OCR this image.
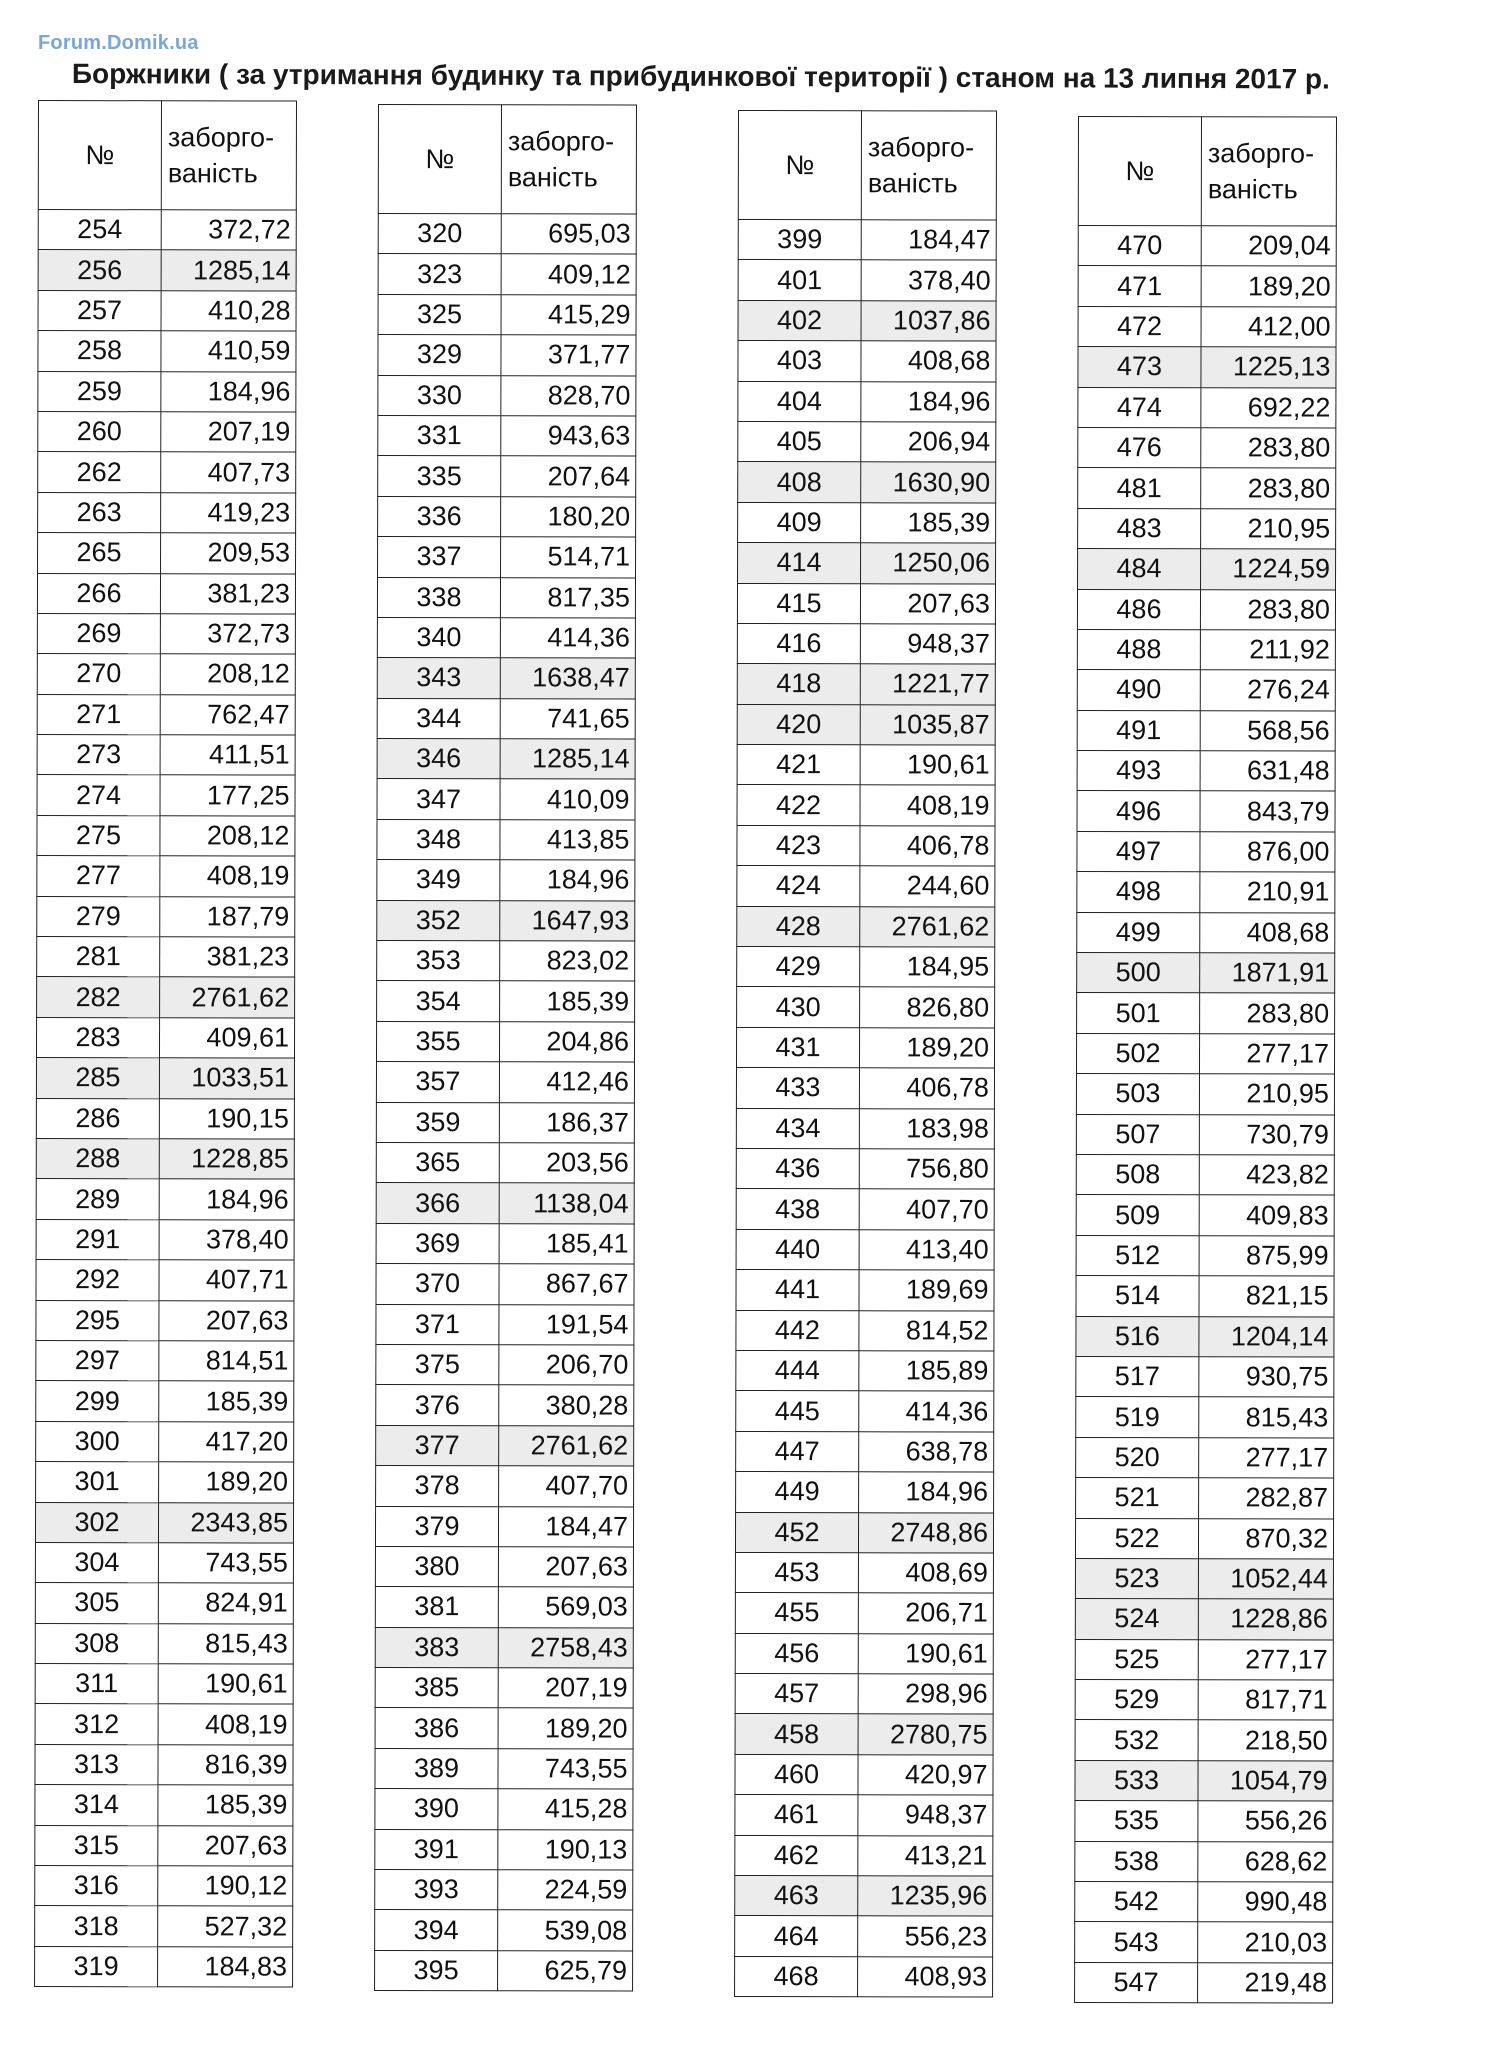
Forum.Domik.ua
Боржники ( за утримання будинку та прибудинкової території ) станом на 13 липня 2017 р.
№	заборго-
ваність
254	372,72
256	1285,14
257	410,28
258	410,59
259	184,96
260	207,19
262	407,73
263	419,23
265	209,53
266	381,23
269	372,73
270	208,12
271	762,47
273	411,51
274	177,25
275	208,12
277	408,19
279	187,79
281	381,23
282	2761,62
283	409,61
285	1033,51
286	190,15
288	1228,85
289	184,96
291	378,40
292	407,71
295	207,63
297	814,51
299	185,39
300	417,20
301	189,20
302	2343,85
304	743,55
305	824,91
308	815,43
311	190,61
312	408,19
313	816,39
314	185,39
315	207,63
316	190,12
318	527,32
319	184,83
№	заборго-
ваність
320	695,03
323	409,12
325	415,29
329	371,77
330	828,70
331	943,63
335	207,64
336	180,20
337	514,71
338	817,35
340	414,36
343	1638,47
344	741,65
346	1285,14
347	410,09
348	413,85
349	184,96
352	1647,93
353	823,02
354	185,39
355	204,86
357	412,46
359	186,37
365	203,56
366	1138,04
369	185,41
370	867,67
371	191,54
375	206,70
376	380,28
377	2761,62
378	407,70
379	184,47
380	207,63
381	569,03
383	2758,43
385	207,19
386	189,20
389	743,55
390	415,28
391	190,13
393	224,59
394	539,08
395	625,79
№	заборго-
ваність
399	184,47
401	378,40
402	1037,86
403	408,68
404	184,96
405	206,94
408	1630,90
409	185,39
414	1250,06
415	207,63
416	948,37
418	1221,77
420	1035,87
421	190,61
422	408,19
423	406,78
424	244,60
428	2761,62
429	184,95
430	826,80
431	189,20
433	406,78
434	183,98
436	756,80
438	407,70
440	413,40
441	189,69
442	814,52
444	185,89
445	414,36
447	638,78
449	184,96
452	2748,86
453	408,69
455	206,71
456	190,61
457	298,96
458	2780,75
460	420,97
461	948,37
462	413,21
463	1235,96
464	556,23
468	408,93
№	заборго-
ваність
470	209,04
471	189,20
472	412,00
473	1225,13
474	692,22
476	283,80
481	283,80
483	210,95
484	1224,59
486	283,80
488	211,92
490	276,24
491	568,56
493	631,48
496	843,79
497	876,00
498	210,91
499	408,68
500	1871,91
501	283,80
502	277,17
503	210,95
507	730,79
508	423,82
509	409,83
512	875,99
514	821,15
516	1204,14
517	930,75
519	815,43
520	277,17
521	282,87
522	870,32
523	1052,44
524	1228,86
525	277,17
529	817,71
532	218,50
533	1054,79
535	556,26
538	628,62
542	990,48
543	210,03
547	219,48
